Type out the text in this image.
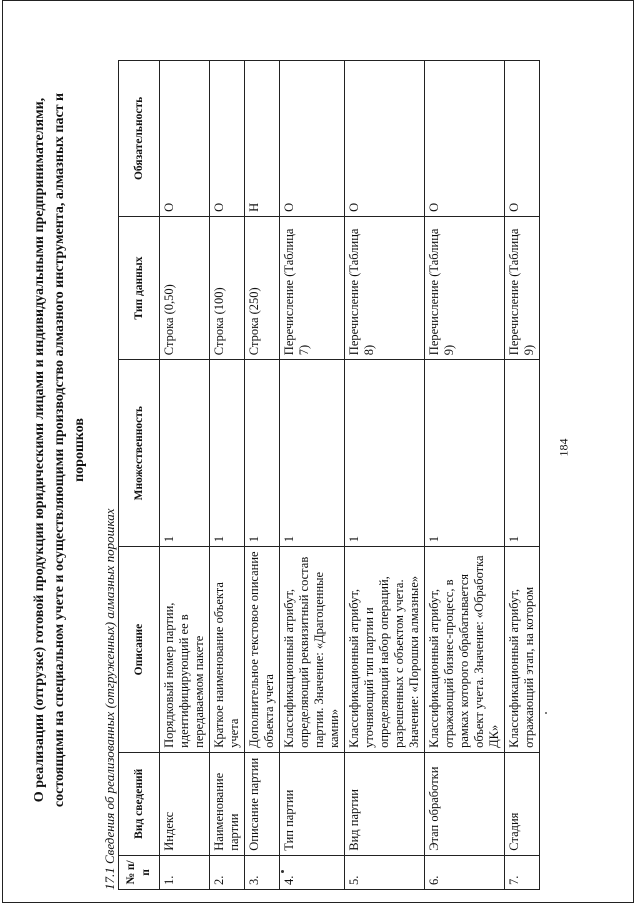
184
О реализации (отгрузке) готовой продукции юридическими лицами и индивидуальными предпринимателями, состоящими на специальном учете и осуществляющими производство алмазного инструмента, алмазных паст и порошков
17.1 Сведения об реализованных (отгруженных) алмазных порошках № п/п	Вид сведений	Описание	Множественность	Тип данных	Обязательность
1.	Индекс	Порядковый номер партии, идентифицирующий ее в передаваемом пакете	1	Строка (0,50)	О
2.	Наименование партии	Краткое наименование объекта учета	1	Строка (100)	О
3.	Описание партии	Дополнительное текстовое описание объекта учета	1	Строка (250)	Н
4.	Тип партии	Классификационный атрибут, определяющий реквизитный состав партии. Значение: «Драгоценные камни»	1	Перечисление (Таблица 7)	О
5.	Вид партии	Классификационный атрибут, уточняющий тип партии и определяющий набор операций, разрешенных с объектом учета. Значение: «Порошки алмазные»	1	Перечисление (Таблица 8)	О
6.	Этап обработки	Классификационный атрибут, отражающий бизнес-процесс, в рамках которого обрабатывается объект учета. Значение: «Обработка ДК»	1	Перечисление (Таблица 9)	О
7.	Стадия	Классификационный атрибут, отражающий этап, на котором	1	Перечисление (Таблица 9)	О
